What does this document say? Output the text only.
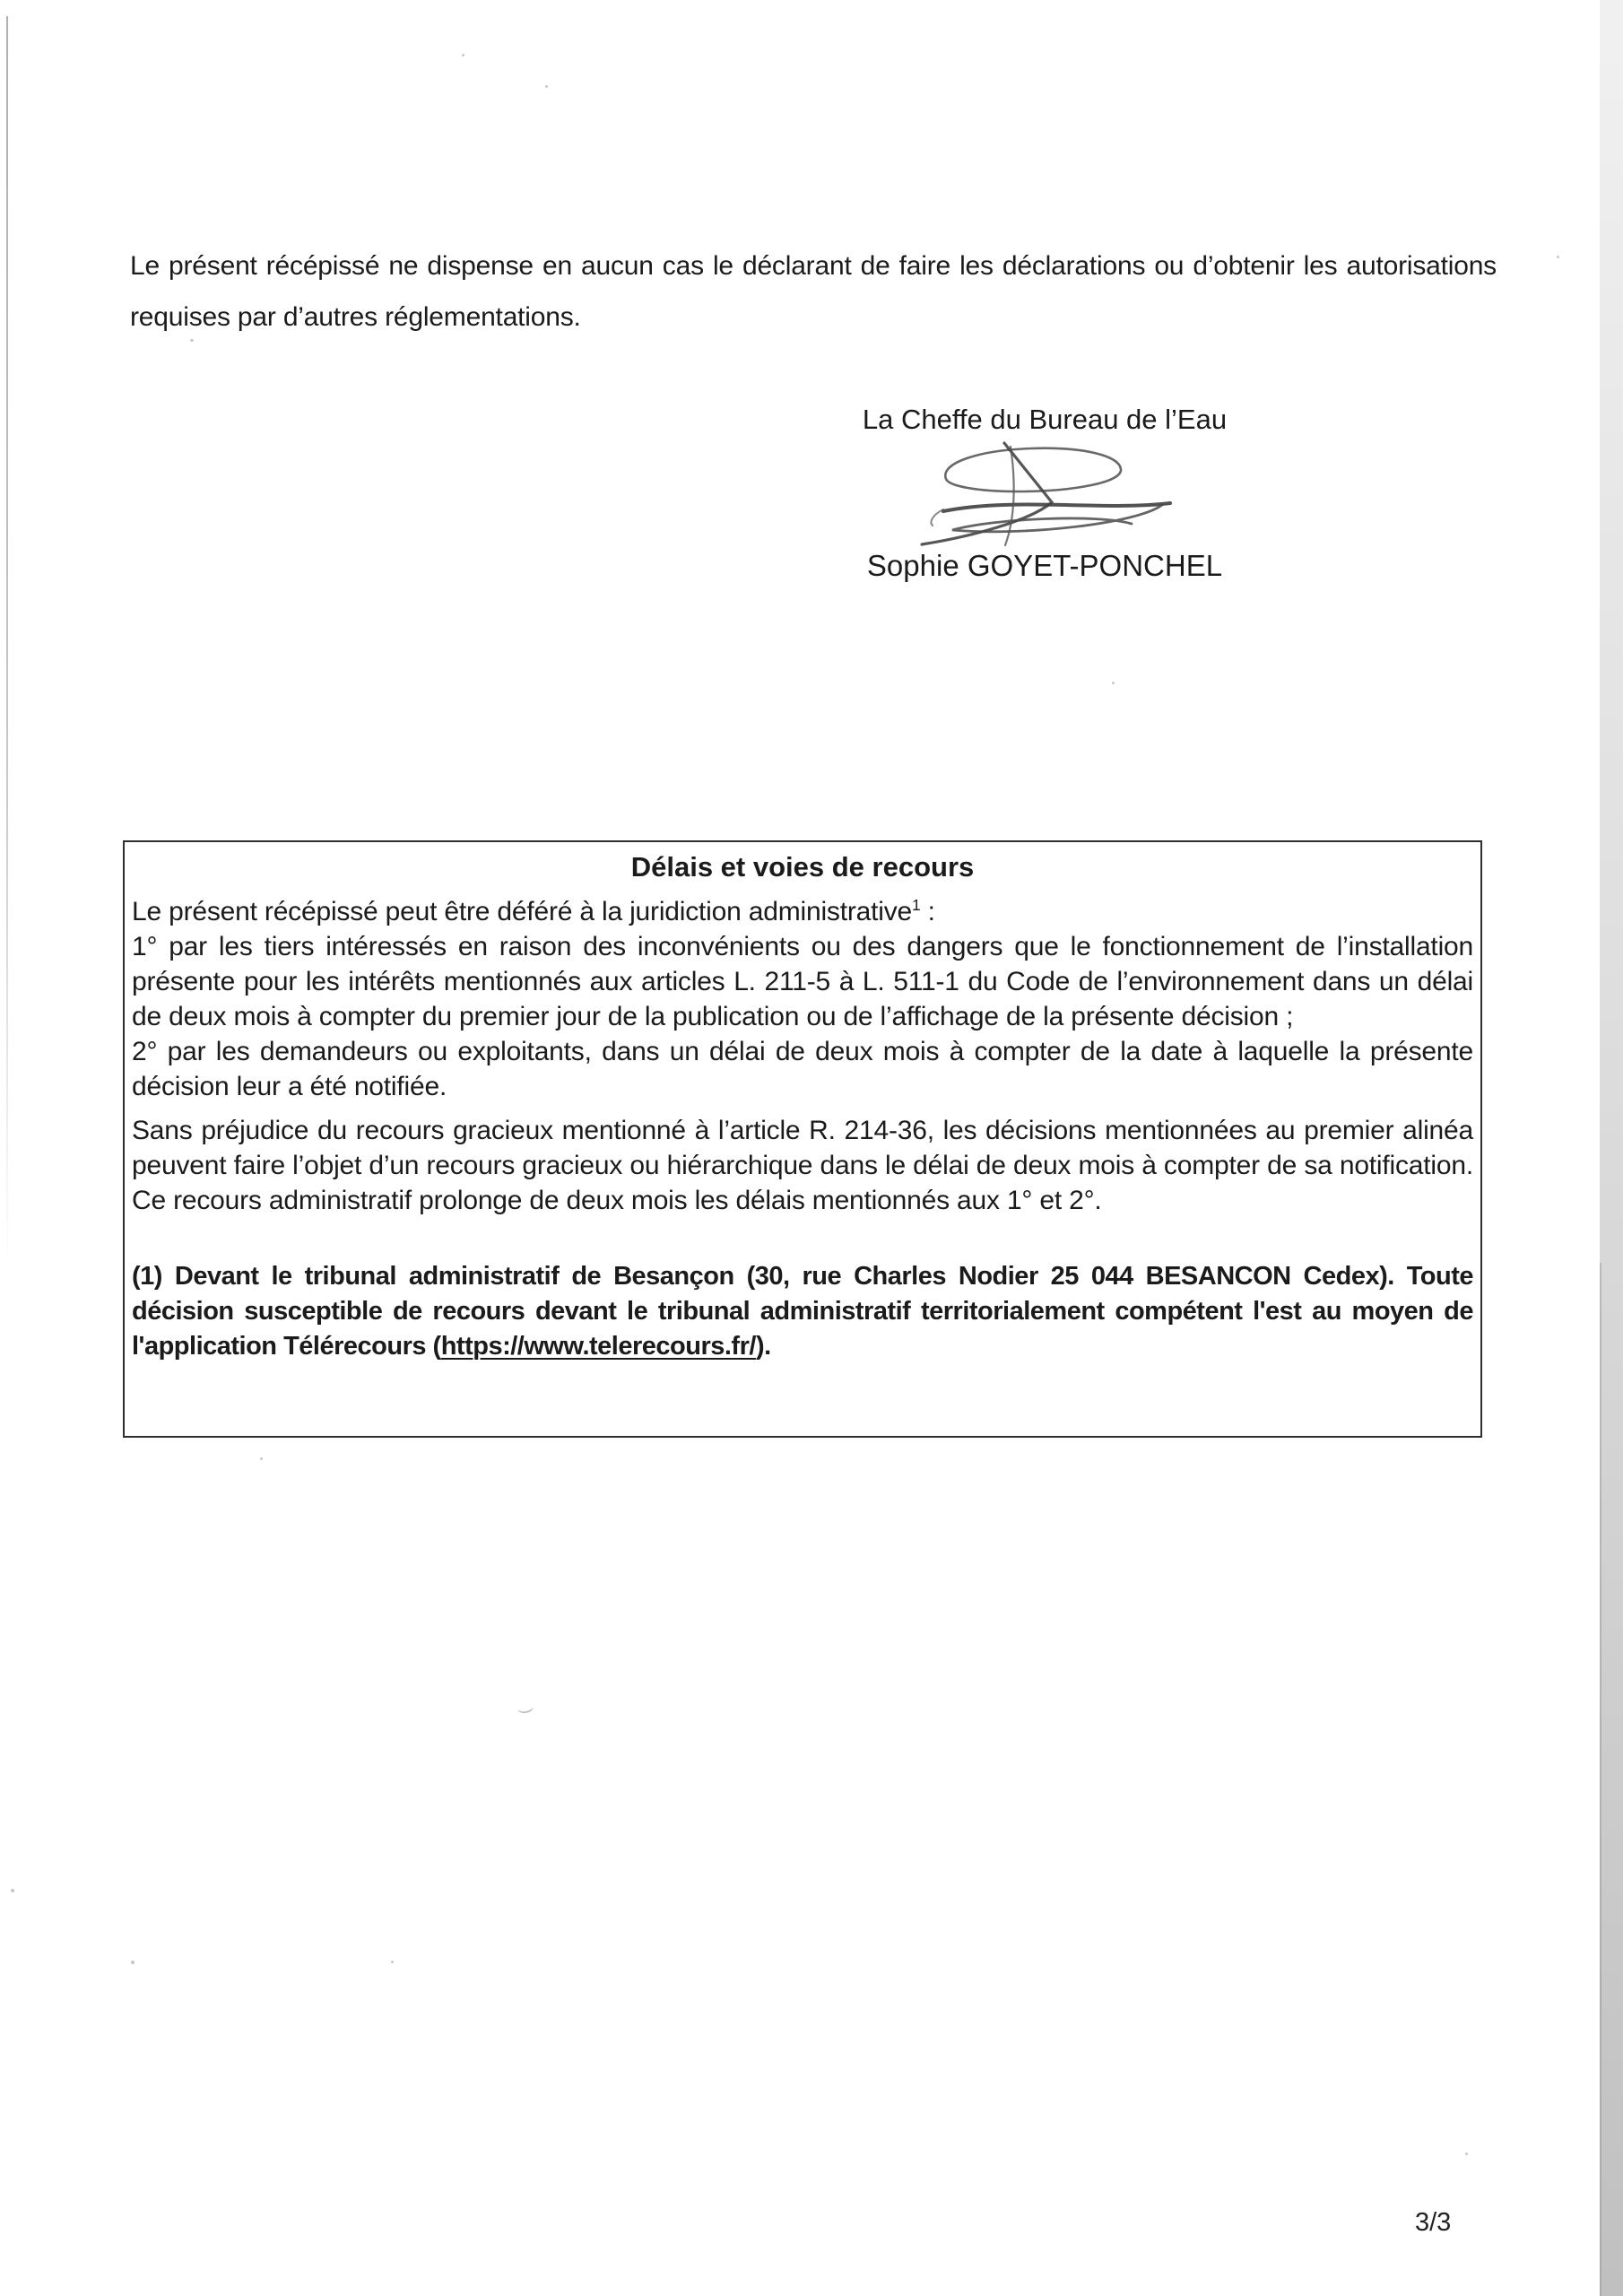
Le présent récépissé ne dispense en aucun cas le déclarant de faire les déclarations ou d’obtenir les autorisations requises par d’autres réglementations.

La Cheffe du Bureau de l’Eau
Sophie GOYET-PONCHEL
Délais et voies de recours

Le présent récépissé peut être déféré à la juridiction administrative$^1$ :

1° par les tiers intéressés en raison des inconvénients ou des dangers que le fonctionnement de l’installation présente pour les intérêts mentionnés aux articles L. 211-5 à L. 511-1 du Code de l’environnement dans un délai de deux mois à compter du premier jour de la publication ou de l’affichage de la présente décision ;

2° par les demandeurs ou exploitants, dans un délai de deux mois à compter de la date à laquelle la présente décision leur a été notifiée.

Sans préjudice du recours gracieux mentionné à l’article R. 214-36, les décisions mentionnées au premier alinéa peuvent faire l’objet d’un recours gracieux ou hiérarchique dans le délai de deux mois à compter de sa notification. Ce recours administratif prolonge de deux mois les délais mentionnés aux 1° et 2°.

(1) Devant le tribunal administratif de Besançon (30, rue Charles Nodier 25 044 BESANCON Cedex). Toute décision susceptible de recours devant le tribunal administratif territorialement compétent l'est au moyen de l'application Télérecours (https://www.telerecours.fr/).

3/3
